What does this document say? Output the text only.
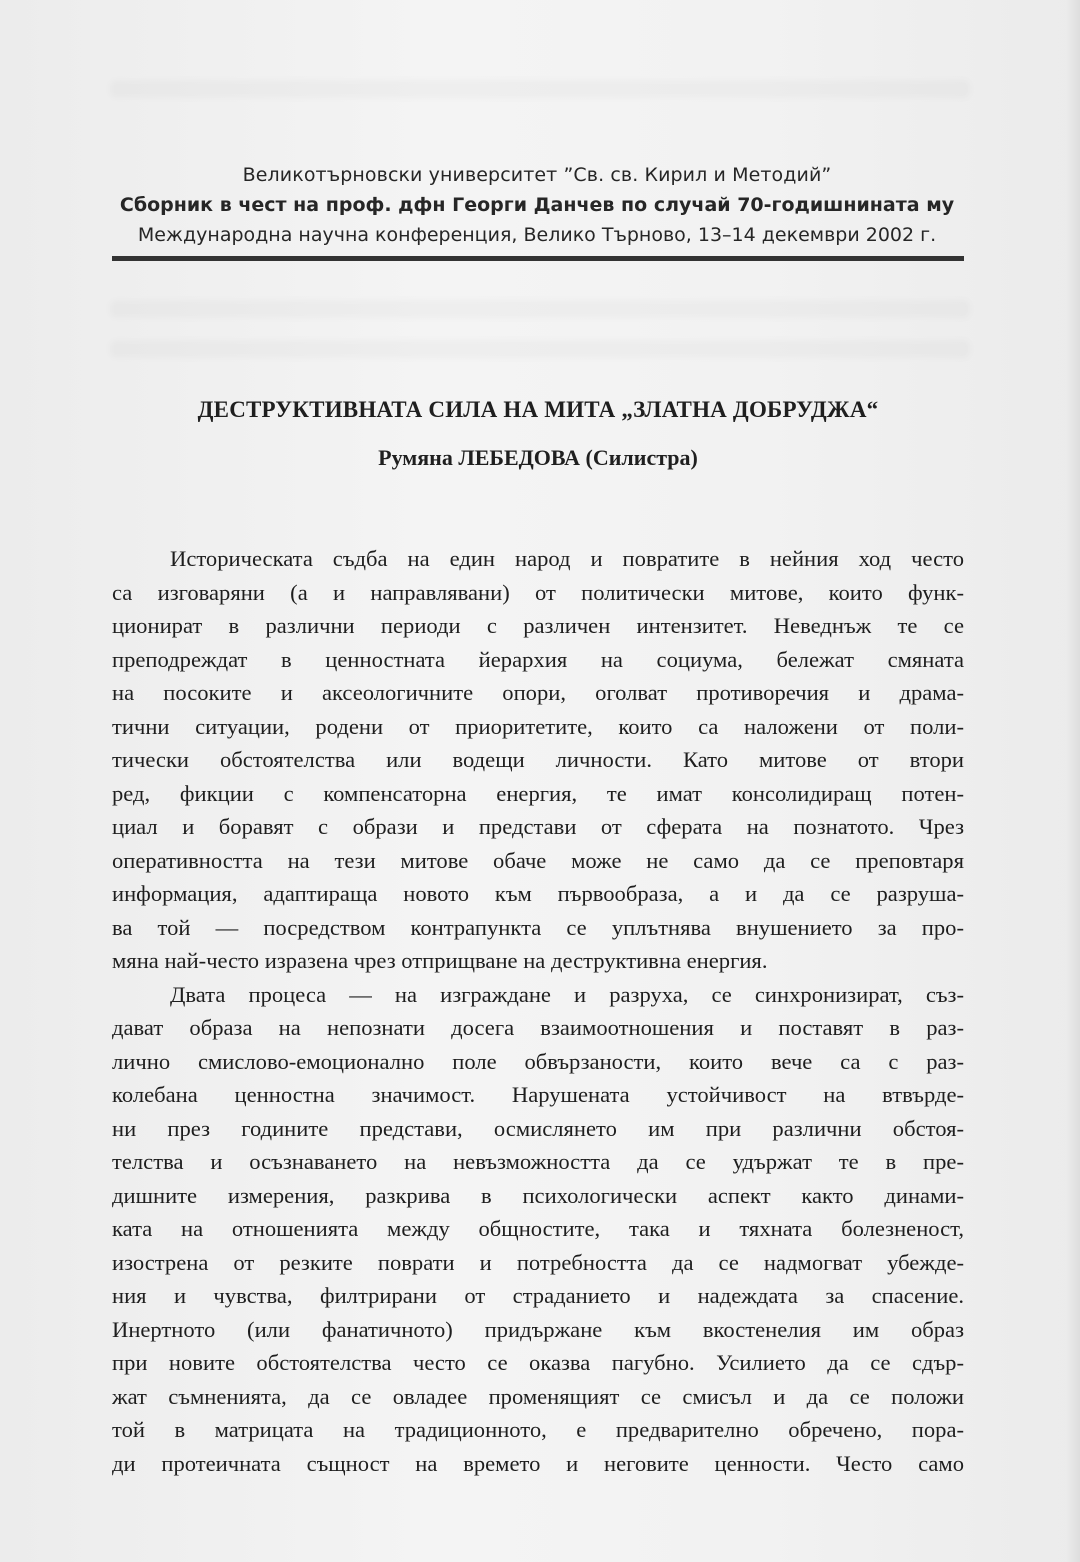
Великотърновски университет ”Св. св. Кирил и Методий”
Сборник в чест на проф. дфн Георги Данчев по случай 70-годишнината му
Международна научна конференция, Велико Търново, 13–14 декември 2002 г.
ДЕСТРУКТИВНАТА СИЛА НА МИТА „ЗЛАТНА ДОБРУДЖА“
Румяна ЛЕБЕДОВА (Силистра)
Историческата съдба на един народ и повратите в нейния ход често
са изговаряни (а и направлявани) от политически митове, които функ-
ционират в различни периоди с различен интензитет. Неведнъж те се
преподреждат в ценностната йерархия на социума, бележат смяната
на посоките и аксеологичните опори, оголват противоречия и драма-
тични ситуации, родени от приоритетите, които са наложени от поли-
тически обстоятелства или водещи личности. Като митове от втори
ред, фикции с компенсаторна енергия, те имат консолидиращ потен-
циал и боравят с образи и представи от сферата на познатото. Чрез
оперативността на тези митове обаче може не само да се преповтаря
информация, адаптираща новото към първообраза, а и да се разруша-
ва той — посредством контрапункта се уплътнява внушението за про-
мяна най-често изразена чрез отприщване на деструктивна енергия.
Двата процеса — на изграждане и разруха, се синхронизират, съз-
дават образа на непознати досега взаимоотношения и поставят в раз-
лично смислово-емоционално поле обвързаности, които вече са с раз-
колебана ценностна значимост. Нарушената устойчивост на втвърде-
ни през годините представи, осмислянето им при различни обстоя-
телства и осъзнаването на невъзможността да се удържат те в пре-
дишните измерения, разкрива в психологически аспект както динами-
ката на отношенията между общностите, така и тяхната болезненост,
изострена от резките поврати и потребността да се надмогват убежде-
ния и чувства, филтрирани от страданието и надеждата за спасение.
Инертното (или фанатичното) придържане към вкостенелия им образ
при новите обстоятелства често се оказва пагубно. Усилието да се сдър-
жат съмненията, да се овладее променящият се смисъл и да се положи
той в матрицата на традиционното, е предварително обречено, пора-
ди протеичната същност на времето и неговите ценности. Често само
